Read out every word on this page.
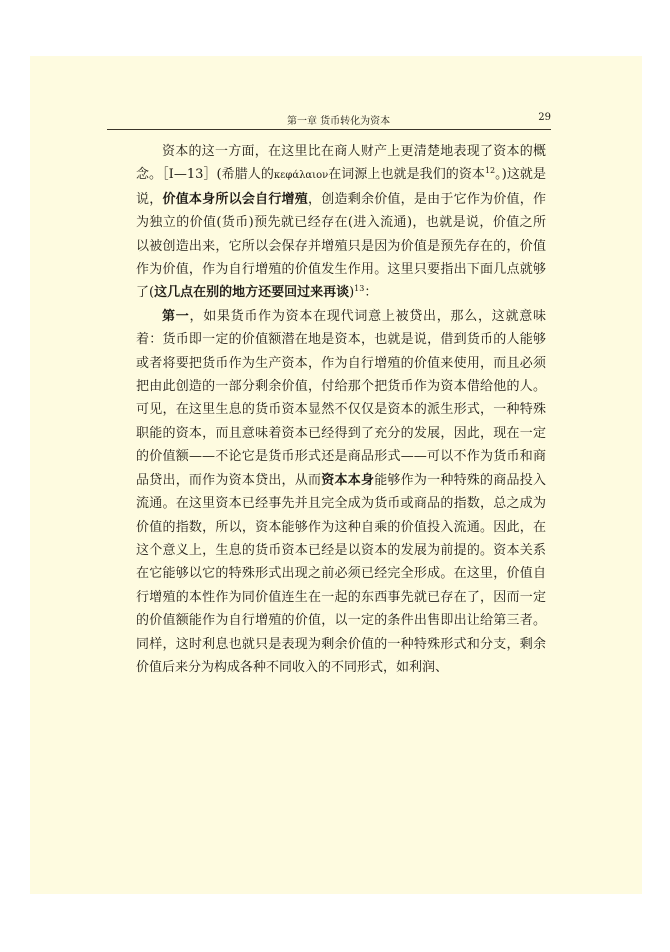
第一章 货币转化为资本	29

资本的这一方面，在这里比在商人财产上更清楚地表现了资本的概念。［Ⅰ—13］(希腊人的κεφάλαιον在词源上也就是我们的资本$^{12}$。)这就是说，价值本身所以会自行增殖，创造剩余价值，是由于它作为价值，作为独立的价值(货币)预先就已经存在(进入流通)，也就是说，价值之所以被创造出来，它所以会保存并增殖只是因为价值是预先存在的，价值作为价值，作为自行增殖的价值发生作用。这里只要指出下面几点就够了(这几点在别的地方还要回过来再谈)$^{13}$：

第一，如果货币作为资本在现代词意上被贷出，那么，这就意味着：货币即一定的价值额潜在地是资本，也就是说，借到货币的人能够或者将要把货币作为生产资本，作为自行增殖的价值来使用，而且必须把由此创造的一部分剩余价值，付给那个把货币作为资本借给他的人。可见，在这里生息的货币资本显然不仅仅是资本的派生形式，一种特殊职能的资本，而且意味着资本已经得到了充分的发展，因此，现在一定的价值额——不论它是货币形式还是商品形式——可以不作为货币和商品贷出，而作为资本贷出，从而资本本身能够作为一种特殊的商品投入流通。在这里资本已经事先并且完全成为货币或商品的指数，总之成为价值的指数，所以，资本能够作为这种自乘的价值投入流通。因此，在这个意义上，生息的货币资本已经是以资本的发展为前提的。资本关系在它能够以它的特殊形式出现之前必须已经完全形成。在这里，价值自行增殖的本性作为同价值连生在一起的东西事先就已存在了，因而一定的价值额能作为自行增殖的价值，以一定的条件出售即出让给第三者。同样，这时利息也就只是表现为剩余价值的一种特殊形式和分支，剩余价值后来分为构成各种不同收入的不同形式，如利润、
